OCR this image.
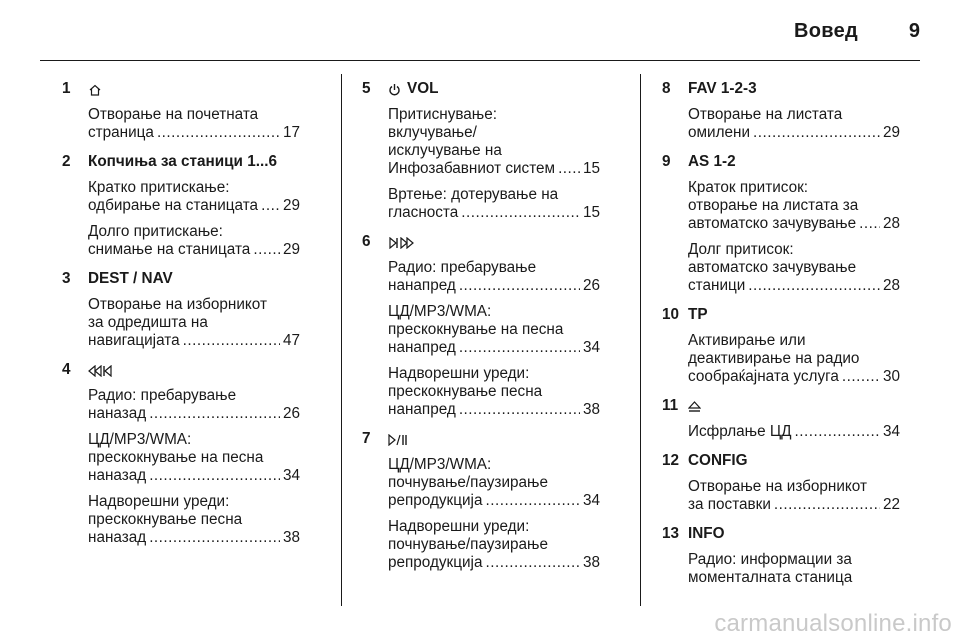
Вовед	9
1
Отворање на почетната
страница .....	17
2	Копчиња за станици 1...6
Кратко притискање:
одбирање на станицата ..... 29
Долго притискање:
снимање на станицата ..... 29
3	DEST / NAV
Отворање на изборникот
за одредишта на
навигацијата .....	47
4
Радио: пребарување
наназад .....	26
ЦД/MP3/WMA:
прескокнување на песна
наназад .....	34
Надворешни уреди:
прескокнување песна
наназад .....	38
5	VOL
Притиснување:
вклучување/
исклучување на
Инфозабавниот систем ..... 15
Вртење: дотерување на
гласноста .....	15
6
Радио: пребарување
нанапред .....	26
ЦД/MP3/WMA:
прескокнување на песна
нанапред .....	34
Надворешни уреди:
прескокнување песна
нанапред .....	38
7
ЦД/MP3/WMA:
почнување/паузирање
репродукција .....	34
Надворешни уреди:
почнување/паузирање
репродукција .....	38
8	FAV 1-2-3
Отворање на листата
омилени .....	29
9	AS 1-2
Краток притисок:
отворање на листата за
автоматско зачувување ..... 28
Долг притисок:
автоматско зачувување
станици .....	28
10 TP
Активирање или
деактивирање на радио
сообраќајната услуга .....	30
11
Исфрлање ЦД .....	34
12 CONFIG
Отворање на изборникот
за поставки .....	22
13 INFO
Радио: информации за
моменталната станица
carmanualsonline.info
